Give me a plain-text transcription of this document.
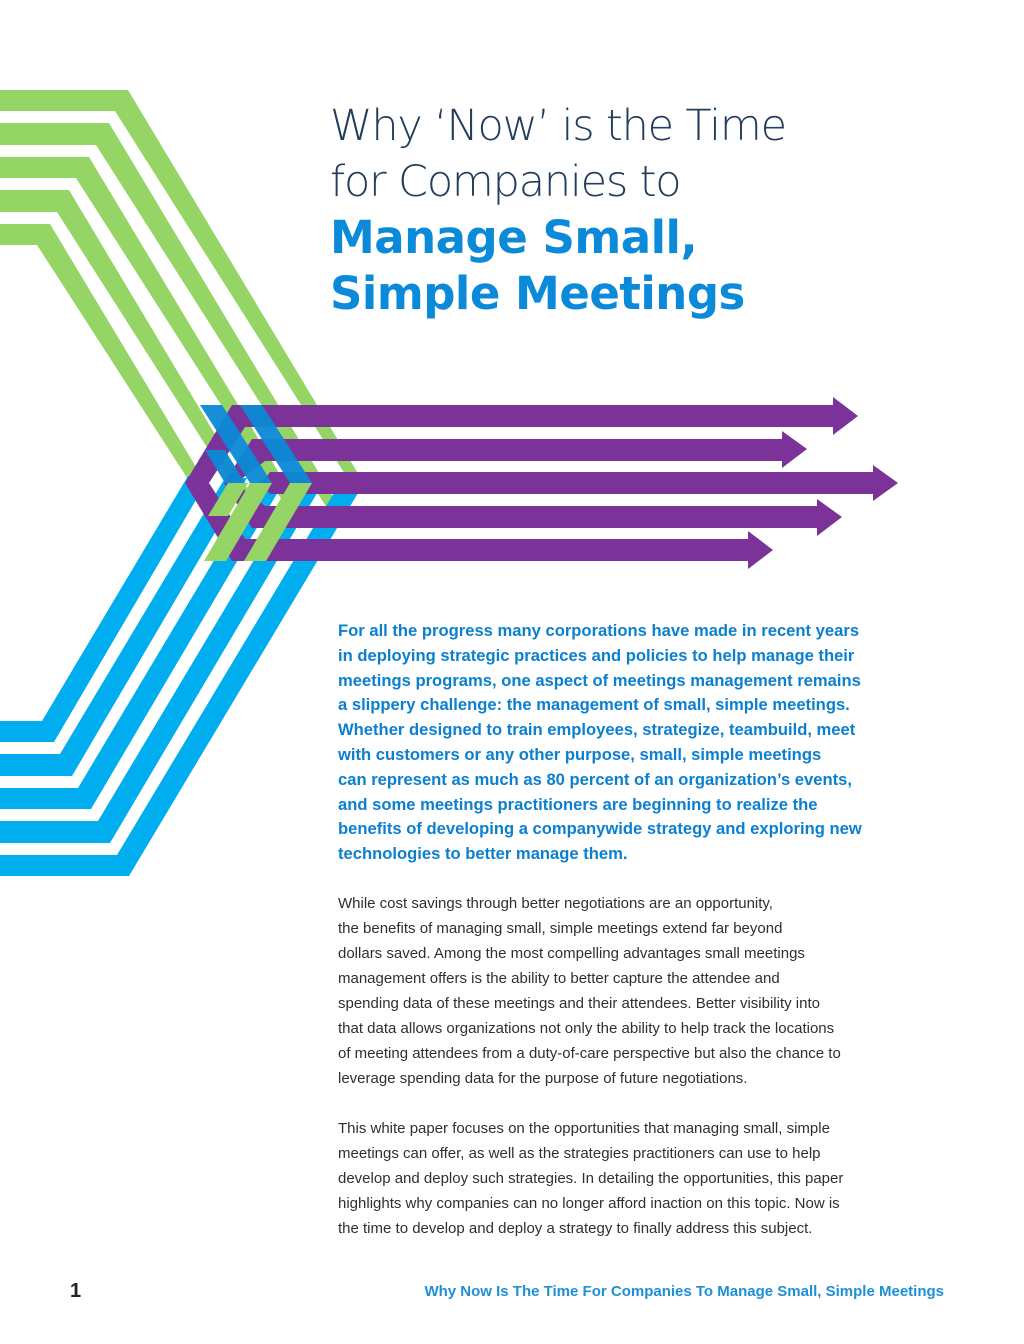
Why ‘Now’ is the Time

for Companies to

Manage Small,

Simple Meetings

For all the progress many corporations have made in recent years
in deploying strategic practices and policies to help manage their
meetings programs, one aspect of meetings management remains
a slippery challenge: the management of small, simple meetings.
Whether designed to train employees, strategize, teambuild, meet
with customers or any other purpose, small, simple meetings
can represent as much as 80 percent of an organization’s events,
and some meetings practitioners are beginning to realize the
benefits of developing a companywide strategy and exploring new
technologies to better manage them.
While cost savings through better negotiations are an opportunity,
the benefits of managing small, simple meetings extend far beyond
dollars saved. Among the most compelling advantages small meetings
management offers is the ability to better capture the attendee and
spending data of these meetings and their attendees. Better visibility into
that data allows organizations not only the ability to help track the locations
of meeting attendees from a duty-of-care perspective but also the chance to
leverage spending data for the purpose of future negotiations.
This white paper focuses on the opportunities that managing small, simple
meetings can offer, as well as the strategies practitioners can use to help
develop and deploy such strategies. In detailing the opportunities, this paper
highlights why companies can no longer afford inaction on this topic. Now is
the time to develop and deploy a strategy to finally address this subject.
1	Why Now Is The Time For Companies To Manage Small, Simple Meetings
